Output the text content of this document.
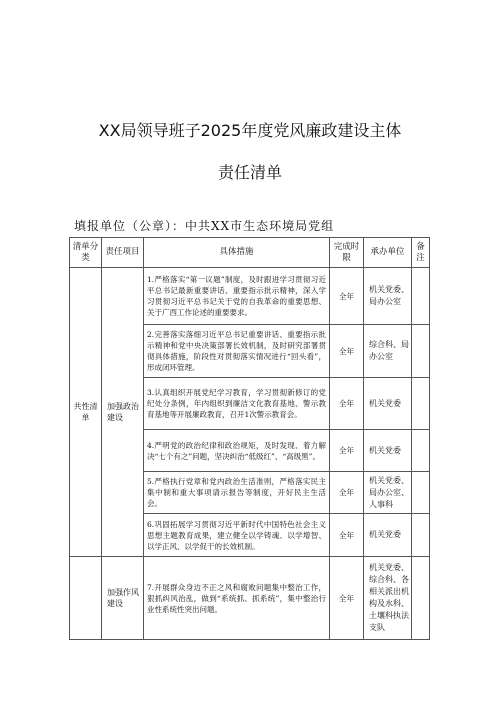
XX局领导班子2025年度党风廉政建设主体
责任清单
填报单位（公章）：中共XX市生态环境局党组
清单分类	责任项目	具体措施	完成时限	承办单位	备注
共性清单	加强政治建设	1.严格落实“第一议题”制度，及时跟进学习贯彻习近平总书记最新重要讲话、重要指示批示精神，深入学习贯彻习近平总书记关于党的自我革命的重要思想、关于广西工作论述的重要要求。	全年	机关党委、局办公室	
		2.完善落实落细习近平总书记重要讲话、重要指示批示精神和党中央决策部署长效机制，及时研究部署贯彻具体措施，阶段性对贯彻落实情况进行“回头看”，形成闭环管理。	全年	综合科、局办公室	
		3.认真组织开展党纪学习教育，学习贯彻新修订的党纪处分条例，年内组织到廉洁文化教育基地、警示教育基地等开展廉政教育，召开1次警示教育会。	全年	机关党委	
		4.严明党的政治纪律和政治规矩，及时发现、着力解决“七个有之”问题，坚决纠治“低级红”、“高级黑”。	全年	机关党委	
		5.严格执行党章和党内政治生活准则，严格落实民主集中制和重大事项请示报告等制度，开好民主生活会。	全年	机关党委、局办公室、人事科	
		6.巩固拓展学习贯彻习近平新时代中国特色社会主义思想主题教育成果，建立健全以学铸魂、以学增智、以学正风、以学促干的长效机制。	全年	机关党委	
	加强作风建设	7.开展群众身边不正之风和腐败问题集中整治工作，狠抓纠风治乱，做到“系统抓、抓系统”，集中整治行业性系统性突出问题。	全年	机关党委、综合科、各相关派出机构及水科、土壤科执法支队	
